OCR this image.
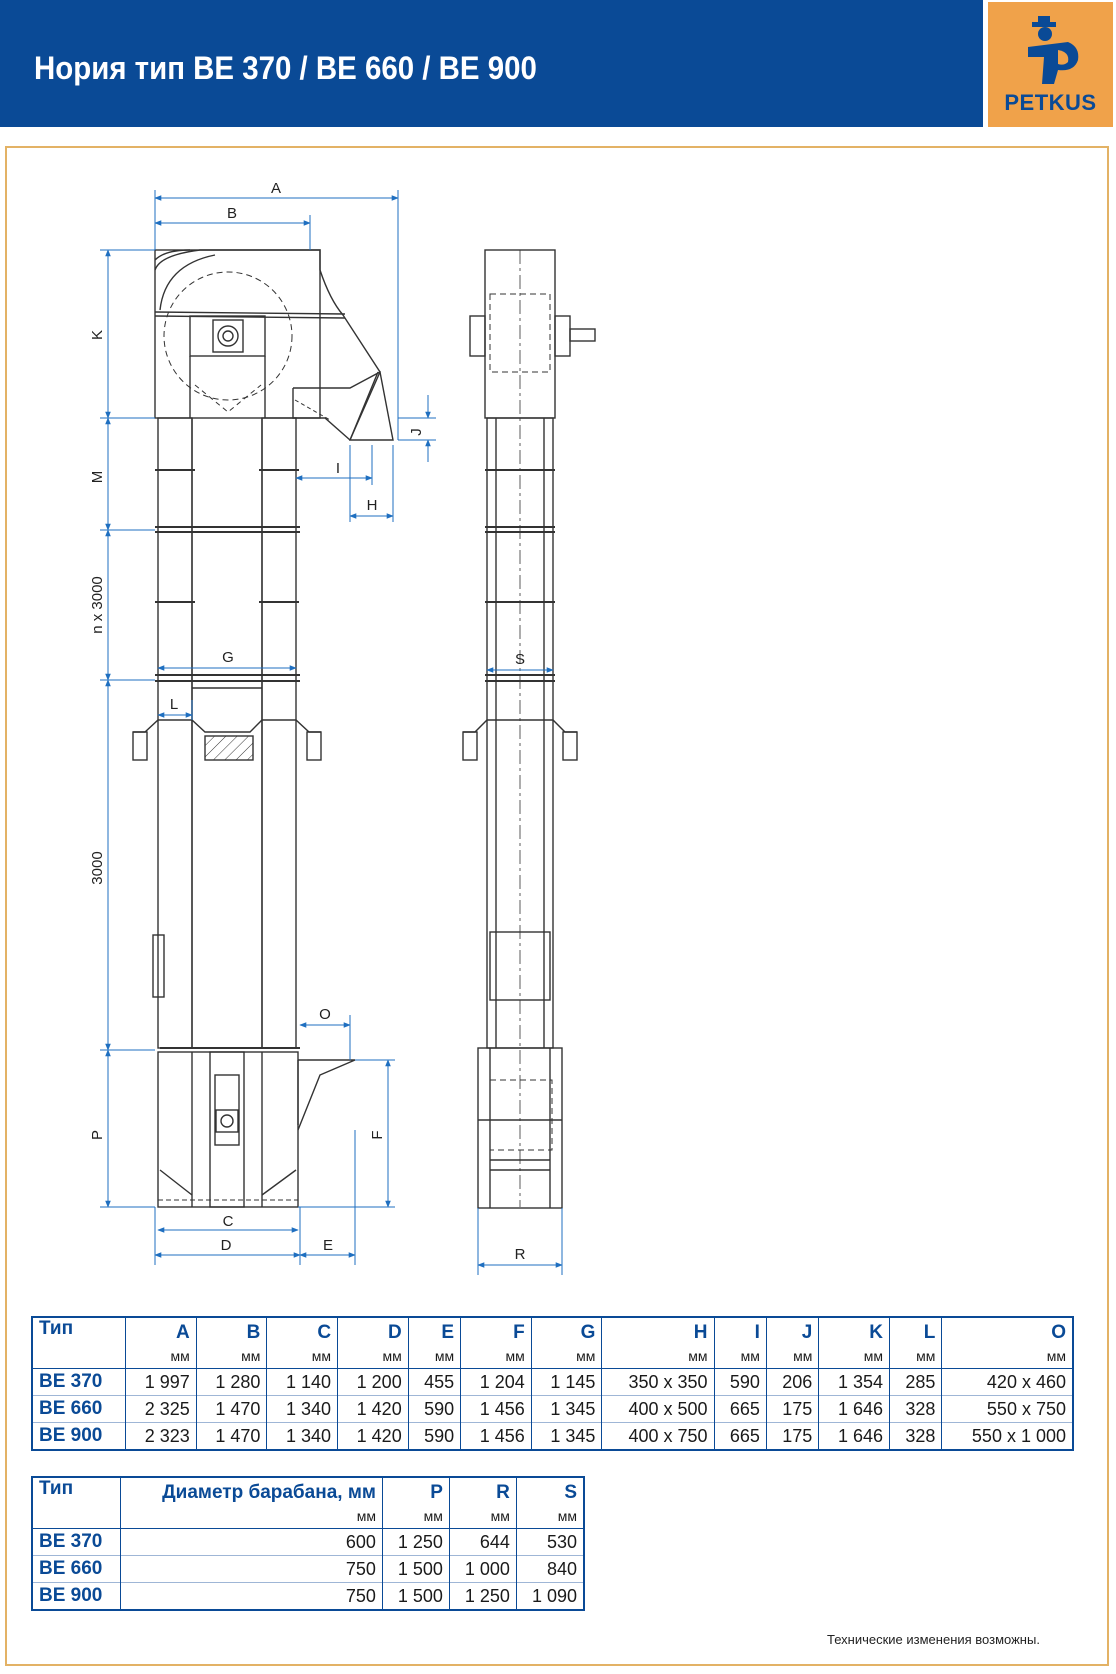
Нория тип BE 370 / BE 660 / BE 900
PETKUS
A
B
K
J
I
H
M
n x 3000
G
L
3000
O
P	F
C
D	E
S
R
Тип	A	B	C	D	E	F	G	H	I	J	K	L	O
	мм	мм	мм	мм	мм	мм	мм	мм	мм	мм	мм	мм	мм
BE 370	1 997	1 280	1 140	1 200	455	1 204	1 145	350 x 350	590	206	1 354	285	420 x 460
BE 660	2 325	1 470	1 340	1 420	590	1 456	1 345	400 x 500	665	175	1 646	328	550 x 750
BE 900	2 323	1 470	1 340	1 420	590	1 456	1 345	400 x 750	665	175	1 646	328	550 x 1 000
Тип	Диаметр барабана, мм	P	R	S
	мм	мм	мм	мм
BE 370	600	1 250	644	530
BE 660	750	1 500	1 000	840
BE 900	750	1 500	1 250	1 090
Технические изменения возможны.
